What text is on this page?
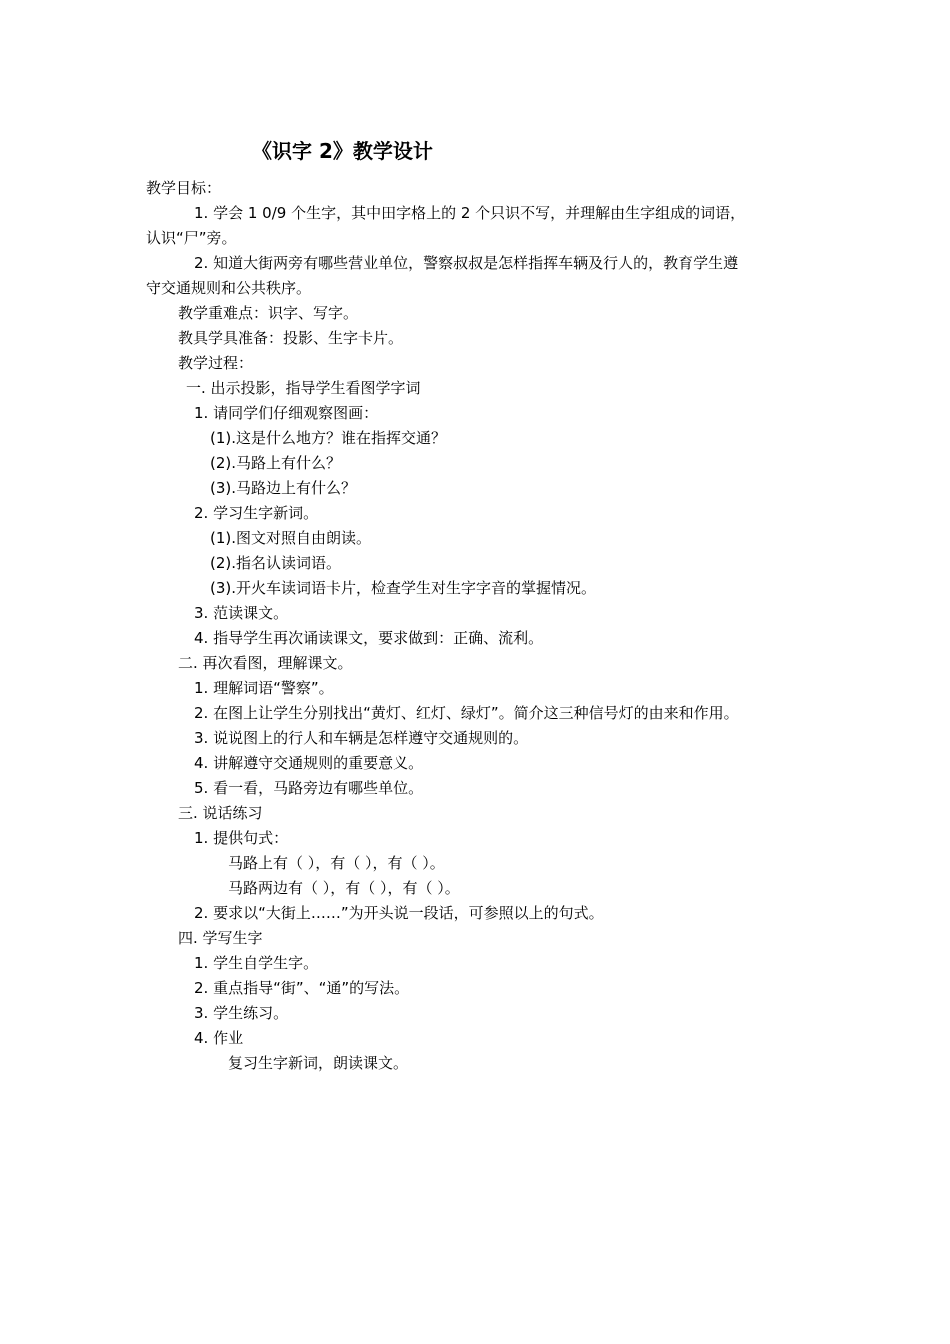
《识字 2》教学设计
教学目标：
1. 学会 1 0/9 个生字，其中田字格上的 2 个只识不写，并理解由生字组成的词语，
认识“尸”旁。
2. 知道大街两旁有哪些营业单位，警察叔叔是怎样指挥车辆及行人的，教育学生遵
守交通规则和公共秩序。
教学重难点：识字、写字。
教具学具准备：投影、生字卡片。
教学过程：
一. 出示投影，指导学生看图学字词
1. 请同学们仔细观察图画：
(1).这是什么地方？谁在指挥交通？
(2).马路上有什么？
(3).马路边上有什么？
2. 学习生字新词。
(1).图文对照自由朗读。
(2).指名认读词语。
(3).开火车读词语卡片，检查学生对生字字音的掌握情况。
3. 范读课文。
4. 指导学生再次诵读课文，要求做到：正确、流利。
二. 再次看图，理解课文。
1. 理解词语“警察”。
2. 在图上让学生分别找出“黄灯、红灯、绿灯”。简介这三种信号灯的由来和作用。
3. 说说图上的行人和车辆是怎样遵守交通规则的。
4. 讲解遵守交通规则的重要意义。
5. 看一看，马路旁边有哪些单位。
三. 说话练习
1. 提供句式：
马路上有（ ），有（ ），有（ ）。
马路两边有（ ），有（ ），有（ ）。
2. 要求以“大街上……”为开头说一段话，可参照以上的句式。
四. 学写生字
1. 学生自学生字。
2. 重点指导“街”、“通”的写法。
3. 学生练习。
4. 作业
复习生字新词，朗读课文。
